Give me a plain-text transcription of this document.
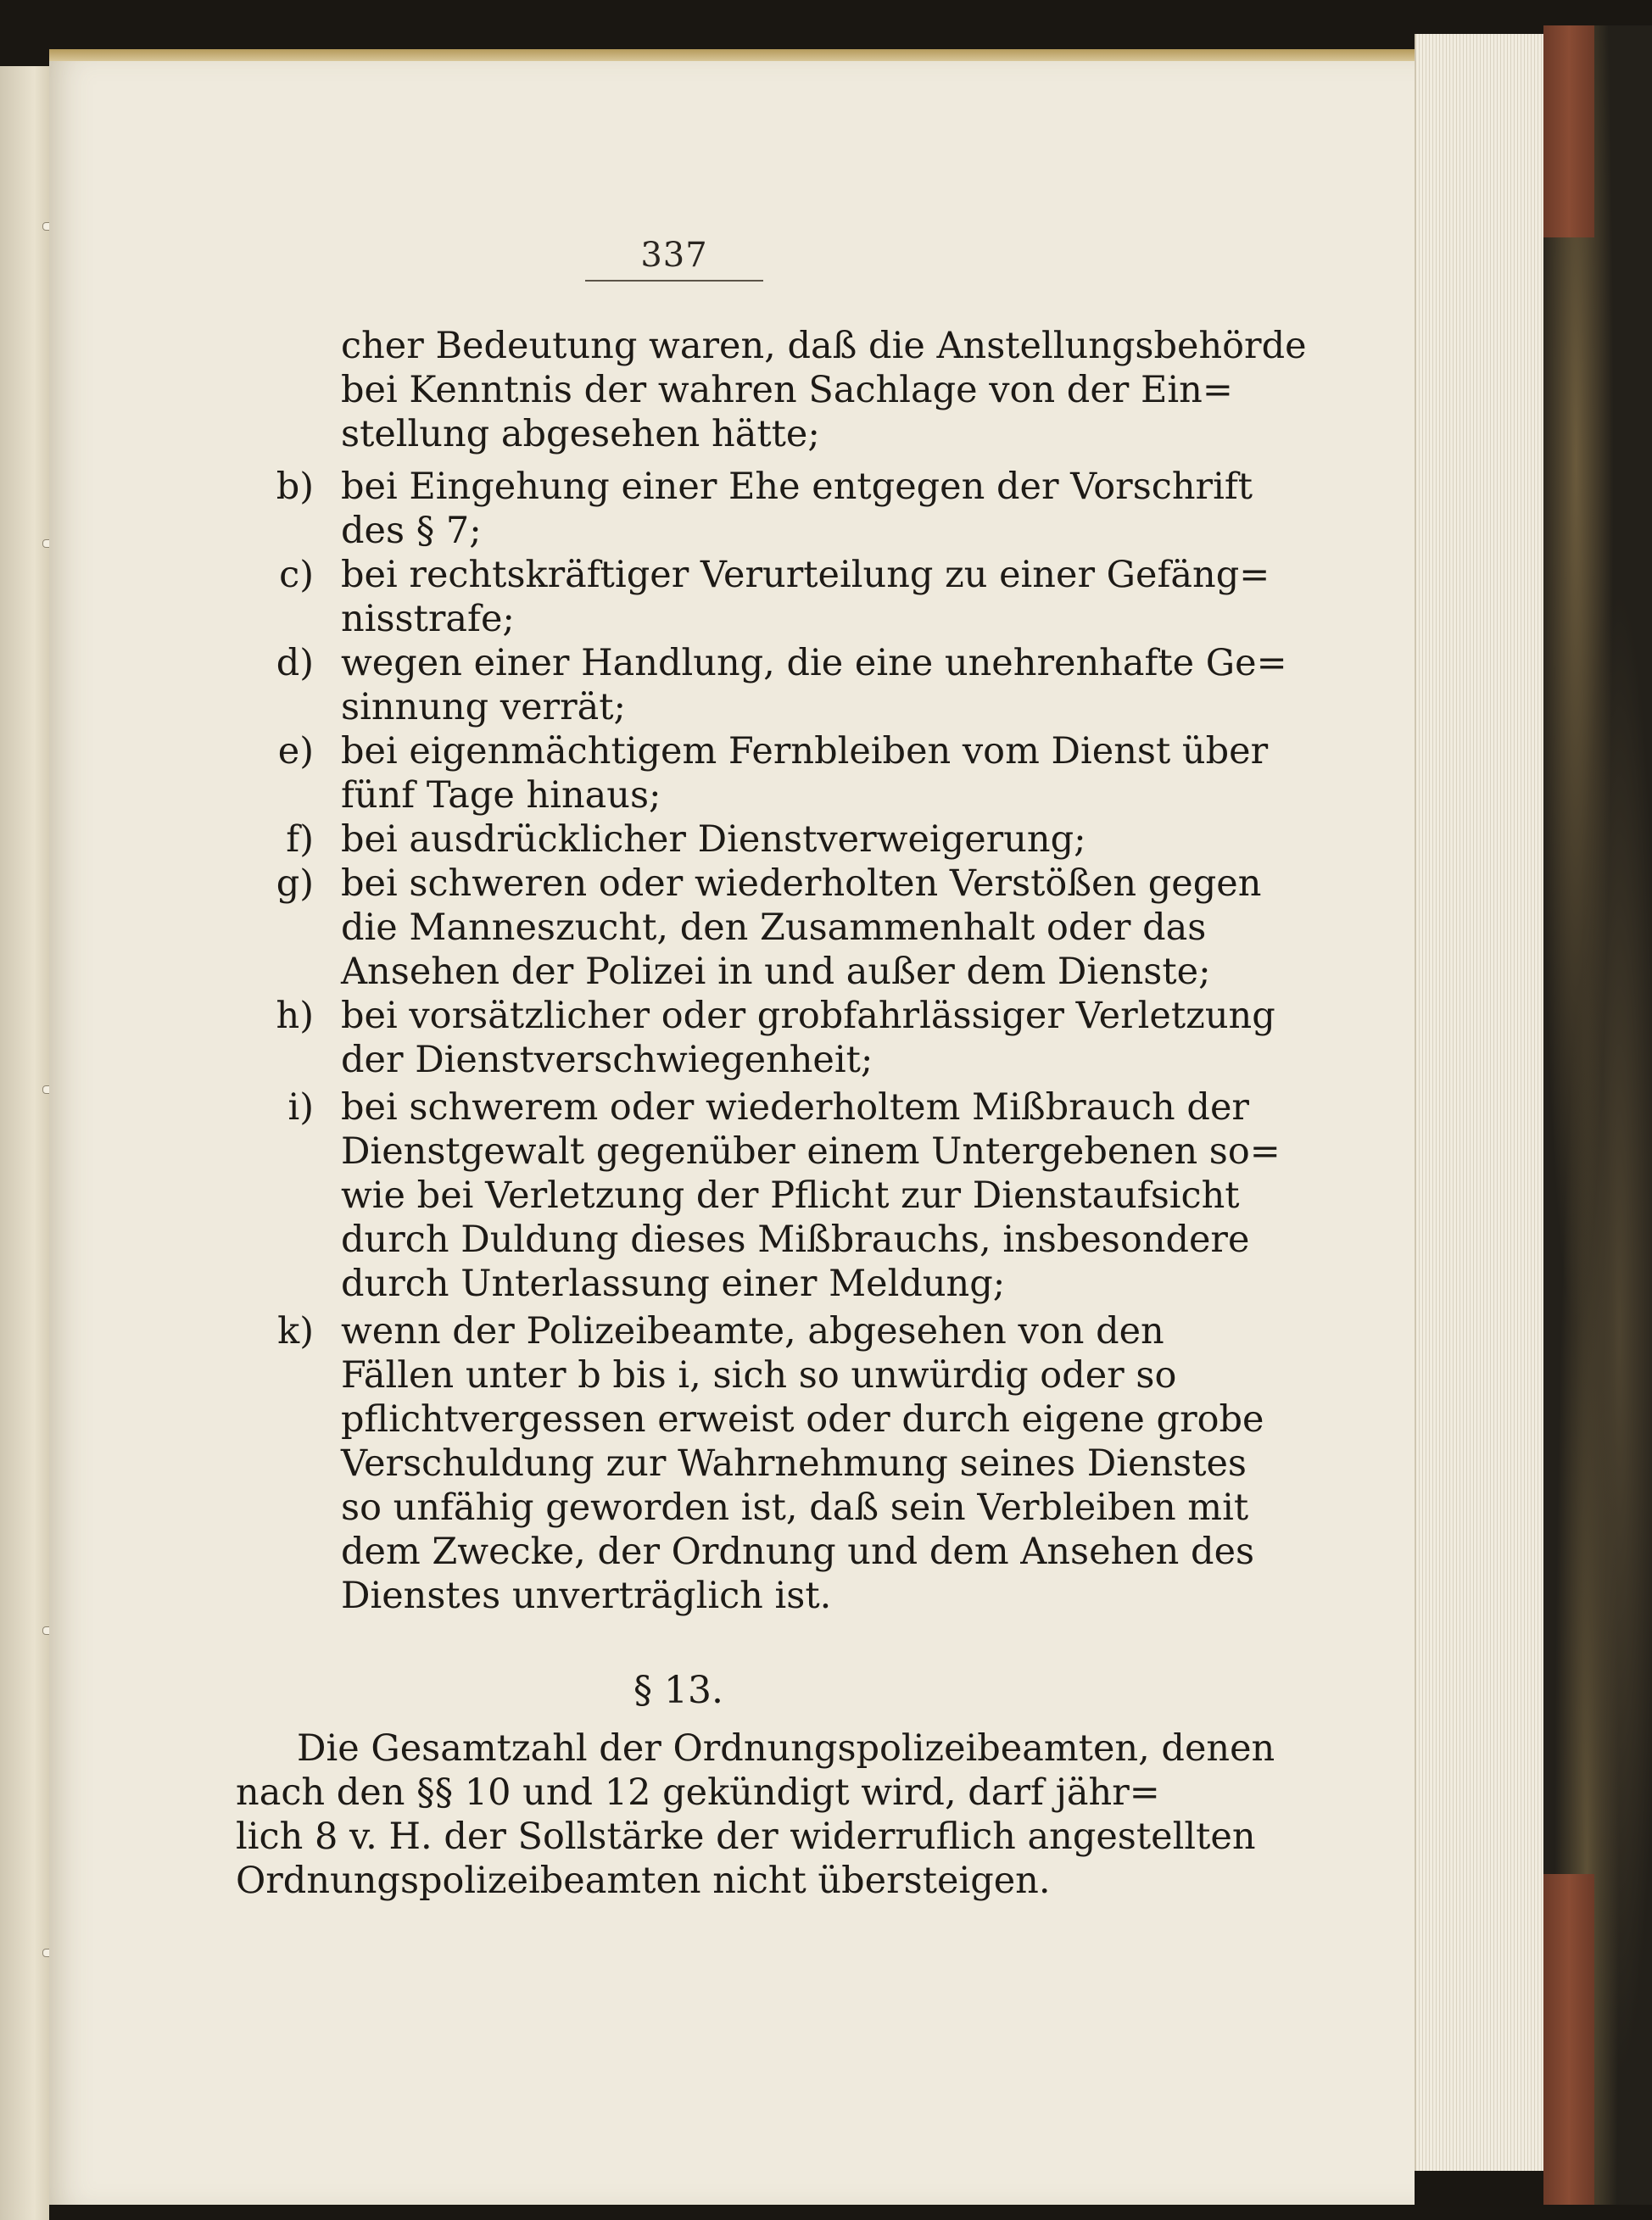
337
cher Bedeutung waren, daß die Anstellungsbehörde
bei Kenntnis der wahren Sachlage von der Ein=
stellung abgesehen hätte;
b) bei Eingehung einer Ehe entgegen der Vorschrift
des § 7;
c) bei rechtskräftiger Verurteilung zu einer Gefäng=
nisstrafe;
d) wegen einer Handlung, die eine unehrenhafte Ge=
sinnung verrät;
e) bei eigenmächtigem Fernbleiben vom Dienst über
fünf Tage hinaus;
f) bei ausdrücklicher Dienstverweigerung;
g) bei schweren oder wiederholten Verstößen gegen
die Manneszucht, den Zusammenhalt oder das
Ansehen der Polizei in und außer dem Dienste;
h) bei vorsätzlicher oder grobfahrlässiger Verletzung
der Dienstverschwiegenheit;
i) bei schwerem oder wiederholtem Mißbrauch der
Dienstgewalt gegenüber einem Untergebenen so=
wie bei Verletzung der Pflicht zur Dienstaufsicht
durch Duldung dieses Mißbrauchs, insbesondere
durch Unterlassung einer Meldung;
k) wenn der Polizeibeamte, abgesehen von den
Fällen unter b bis i, sich so unwürdig oder so
pflichtvergessen erweist oder durch eigene grobe
Verschuldung zur Wahrnehmung seines Dienstes
so unfähig geworden ist, daß sein Verbleiben mit
dem Zwecke, der Ordnung und dem Ansehen des
Dienstes unverträglich ist.
§ 13.
Die Gesamtzahl der Ordnungspolizeibeamten, denen
nach den §§ 10 und 12 gekündigt wird, darf jähr=
lich 8 v. H. der Sollstärke der widerruflich angestellten
Ordnungspolizeibeamten nicht übersteigen.
